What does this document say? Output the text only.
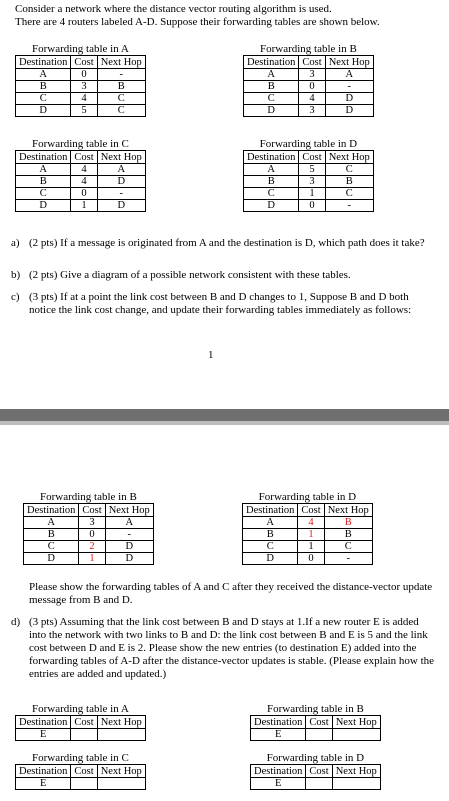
Consider a network where the distance vector routing algorithm is used.
There are 4 routers labeled A-D. Suppose their forwarding tables are shown below.
Forwarding table in A
Destination	Cost	Next Hop
A	0	-
B	3	B
C	4	C
D	5	C
Forwarding table in B
Destination	Cost	Next Hop
A	3	A
B	0	-
C	4	D
D	3	D
Forwarding table in C
Destination	Cost	Next Hop
A	4	A
B	4	D
C	0	-
D	1	D
Forwarding table in D
Destination	Cost	Next Hop
A	5	C
B	3	B
C	1	C
D	0	-
a) (2 pts) If a message is originated from A and the destination is D, which path does it take?
b) (2 pts) Give a diagram of a possible network consistent with these tables.
c) (3 pts) If at a point the link cost between B and D changes to 1, Suppose B and D both notice the link cost change, and update their forwarding tables immediately as follows:
1
Forwarding table in B
Destination	Cost	Next Hop
A	3	A
B	0	-
C	2	D
D	1	D
Forwarding table in D
Destination	Cost	Next Hop
A	4	B
B	1	B
C	1	C
D	0	-
Please show the forwarding tables of A and C after they received the distance-vector update message from B and D.
d) (3 pts) Assuming that the link cost between B and D stays at 1.If a new router E is added into the network with two links to B and D: the link cost between B and E is 5 and the link cost between D and E is 2. Please show the new entries (to destination E) added into the forwarding tables of A-D after the distance-vector updates is stable. (Please explain how the entries are added and updated.)
Forwarding table in A
Destination	Cost	Next Hop
E		
Forwarding table in B
Destination	Cost	Next Hop
E		
Forwarding table in C
Destination	Cost	Next Hop
E		
Forwarding table in D
Destination	Cost	Next Hop
E		
